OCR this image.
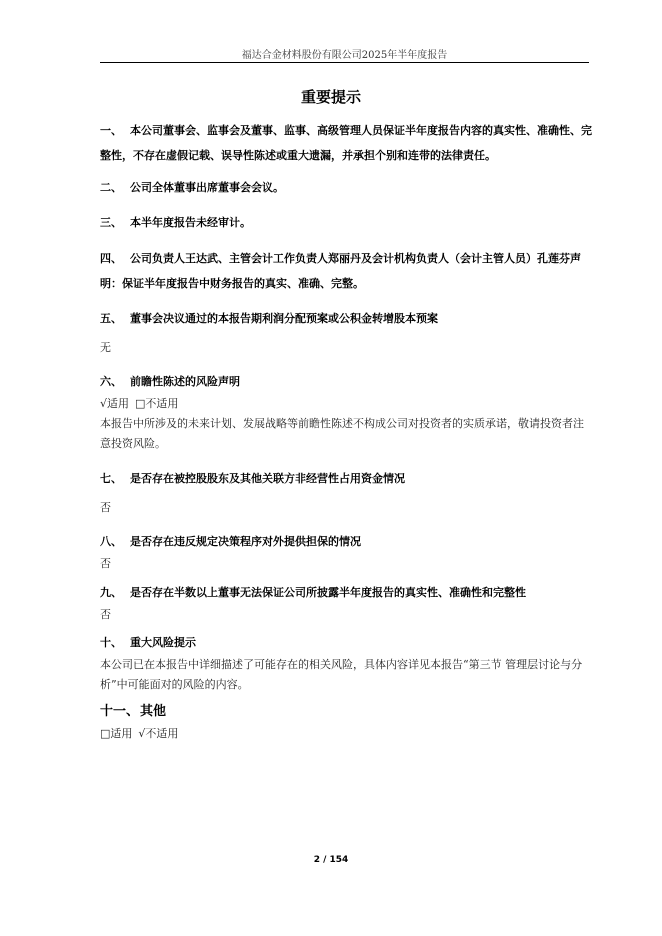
福达合金材料股份有限公司2025年半年度报告
重要提示

一、 本公司董事会、监事会及董事、监事、高级管理人员保证半年度报告内容的真实性、准确性、完整性，不存在虚假记载、误导性陈述或重大遗漏，并承担个别和连带的法律责任。

二、 公司全体董事出席董事会会议。

三、 本半年度报告未经审计。

四、 公司负责人王达武、主管会计工作负责人郑丽丹及会计机构负责人（会计主管人员）孔莲芬声明：保证半年度报告中财务报告的真实、准确、完整。

五、 董事会决议通过的本报告期利润分配预案或公积金转增股本预案

无

六、 前瞻性陈述的风险声明

√适用 □不适用

本报告中所涉及的未来计划、发展战略等前瞻性陈述不构成公司对投资者的实质承诺，敬请投资者注意投资风险。

七、 是否存在被控股股东及其他关联方非经营性占用资金情况

否

八、 是否存在违反规定决策程序对外提供担保的情况

否

九、 是否存在半数以上董事无法保证公司所披露半年度报告的真实性、准确性和完整性

否

十、 重大风险提示

本公司已在本报告中详细描述了可能存在的相关风险，具体内容详见本报告“第三节 管理层讨论与分析”中可能面对的风险的内容。

十一、其他

□适用 √不适用

2 / 154
